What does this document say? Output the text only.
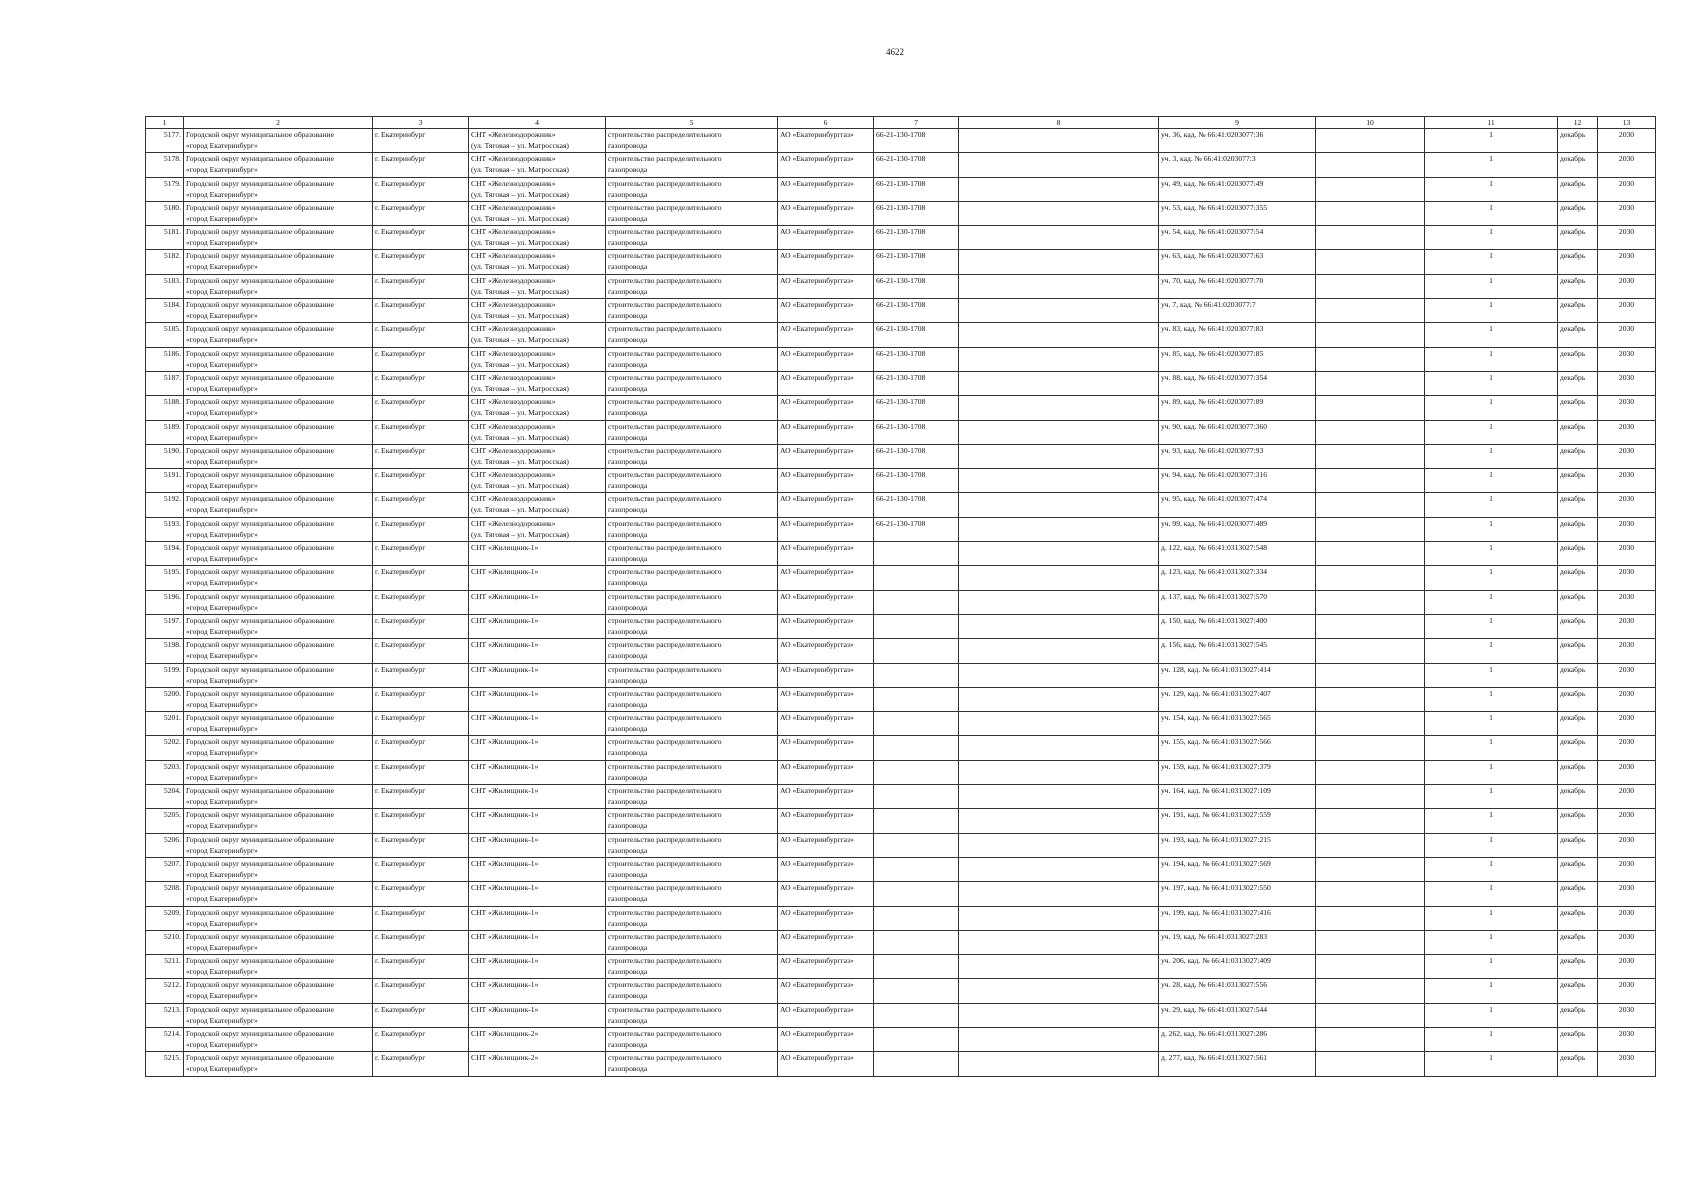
4622
1	2	3	4	5	6	7	8	9	10	11	12	13
5177.	Городской округ муниципальное образование
«город Екатеринбург»	г. Екатеринбург	СНТ «Железнодорожник»
(ул. Тяговая – ул. Матросская)	строительство распределительного
газопровода	АО «Екатеринбурггаз»	66-21-130-1708		уч. 36, кад. № 66:41:0203077:36		1	декабрь	2030
5178.	Городской округ муниципальное образование
«город Екатеринбург»	г. Екатеринбург	СНТ «Железнодорожник»
(ул. Тяговая – ул. Матросская)	строительство распределительного
газопровода	АО «Екатеринбурггаз»	66-21-130-1708		уч. 3, кад. № 66:41:0203077:3		1	декабрь	2030
5179.	Городской округ муниципальное образование
«город Екатеринбург»	г. Екатеринбург	СНТ «Железнодорожник»
(ул. Тяговая – ул. Матросская)	строительство распределительного
газопровода	АО «Екатеринбурггаз»	66-21-130-1708		уч. 49, кад. № 66:41:0203077:49		1	декабрь	2030
5180.	Городской округ муниципальное образование
«город Екатеринбург»	г. Екатеринбург	СНТ «Железнодорожник»
(ул. Тяговая – ул. Матросская)	строительство распределительного
газопровода	АО «Екатеринбурггаз»	66-21-130-1708		уч. 53, кад. № 66:41:0203077:355		1	декабрь	2030
5181.	Городской округ муниципальное образование
«город Екатеринбург»	г. Екатеринбург	СНТ «Железнодорожник»
(ул. Тяговая – ул. Матросская)	строительство распределительного
газопровода	АО «Екатеринбурггаз»	66-21-130-1708		уч. 54, кад. № 66:41:0203077:54		1	декабрь	2030
5182.	Городской округ муниципальное образование
«город Екатеринбург»	г. Екатеринбург	СНТ «Железнодорожник»
(ул. Тяговая – ул. Матросская)	строительство распределительного
газопровода	АО «Екатеринбурггаз»	66-21-130-1708		уч. 63, кад. № 66:41:0203077:63		1	декабрь	2030
5183.	Городской округ муниципальное образование
«город Екатеринбург»	г. Екатеринбург	СНТ «Железнодорожник»
(ул. Тяговая – ул. Матросская)	строительство распределительного
газопровода	АО «Екатеринбурггаз»	66-21-130-1708		уч. 70, кад. № 66:41:0203077:70		1	декабрь	2030
5184.	Городской округ муниципальное образование
«город Екатеринбург»	г. Екатеринбург	СНТ «Железнодорожник»
(ул. Тяговая – ул. Матросская)	строительство распределительного
газопровода	АО «Екатеринбурггаз»	66-21-130-1708		уч. 7, кад. № 66:41:0203077:7		1	декабрь	2030
5185.	Городской округ муниципальное образование
«город Екатеринбург»	г. Екатеринбург	СНТ «Железнодорожник»
(ул. Тяговая – ул. Матросская)	строительство распределительного
газопровода	АО «Екатеринбурггаз»	66-21-130-1708		уч. 83, кад. № 66:41:0203077:83		1	декабрь	2030
5186.	Городской округ муниципальное образование
«город Екатеринбург»	г. Екатеринбург	СНТ «Железнодорожник»
(ул. Тяговая – ул. Матросская)	строительство распределительного
газопровода	АО «Екатеринбурггаз»	66-21-130-1708		уч. 85, кад. № 66:41:0203077:85		1	декабрь	2030
5187.	Городской округ муниципальное образование
«город Екатеринбург»	г. Екатеринбург	СНТ «Железнодорожник»
(ул. Тяговая – ул. Матросская)	строительство распределительного
газопровода	АО «Екатеринбурггаз»	66-21-130-1708		уч. 88, кад. № 66:41:0203077:354		1	декабрь	2030
5188.	Городской округ муниципальное образование
«город Екатеринбург»	г. Екатеринбург	СНТ «Железнодорожник»
(ул. Тяговая – ул. Матросская)	строительство распределительного
газопровода	АО «Екатеринбурггаз»	66-21-130-1708		уч. 89, кад. № 66:41:0203077:89		1	декабрь	2030
5189.	Городской округ муниципальное образование
«город Екатеринбург»	г. Екатеринбург	СНТ «Железнодорожник»
(ул. Тяговая – ул. Матросская)	строительство распределительного
газопровода	АО «Екатеринбурггаз»	66-21-130-1708		уч. 90, кад. № 66:41:0203077:360		1	декабрь	2030
5190.	Городской округ муниципальное образование
«город Екатеринбург»	г. Екатеринбург	СНТ «Железнодорожник»
(ул. Тяговая – ул. Матросская)	строительство распределительного
газопровода	АО «Екатеринбурггаз»	66-21-130-1708		уч. 93, кад. № 66:41:0203077:93		1	декабрь	2030
5191.	Городской округ муниципальное образование
«город Екатеринбург»	г. Екатеринбург	СНТ «Железнодорожник»
(ул. Тяговая – ул. Матросская)	строительство распределительного
газопровода	АО «Екатеринбурггаз»	66-21-130-1708		уч. 94, кад. № 66:41:0203077:316		1	декабрь	2030
5192.	Городской округ муниципальное образование
«город Екатеринбург»	г. Екатеринбург	СНТ «Железнодорожник»
(ул. Тяговая – ул. Матросская)	строительство распределительного
газопровода	АО «Екатеринбурггаз»	66-21-130-1708		уч. 95, кад. № 66:41:0203077:474		1	декабрь	2030
5193.	Городской округ муниципальное образование
«город Екатеринбург»	г. Екатеринбург	СНТ «Железнодорожник»
(ул. Тяговая – ул. Матросская)	строительство распределительного
газопровода	АО «Екатеринбурггаз»	66-21-130-1708		уч. 99, кад. № 66:41:0203077:489		1	декабрь	2030
5194.	Городской округ муниципальное образование
«город Екатеринбург»	г. Екатеринбург	СНТ «Жилищник-1»	строительство распределительного
газопровода	АО «Екатеринбурггаз»			д. 122, кад. № 66:41:0313027:548		1	декабрь	2030
5195.	Городской округ муниципальное образование
«город Екатеринбург»	г. Екатеринбург	СНТ «Жилищник-1»	строительство распределительного
газопровода	АО «Екатеринбурггаз»			д. 123, кад. № 66:41:0313027:334		1	декабрь	2030
5196.	Городской округ муниципальное образование
«город Екатеринбург»	г. Екатеринбург	СНТ «Жилищник-1»	строительство распределительного
газопровода	АО «Екатеринбурггаз»			д. 137, кад. № 66:41:0313027:570		1	декабрь	2030
5197.	Городской округ муниципальное образование
«город Екатеринбург»	г. Екатеринбург	СНТ «Жилищник-1»	строительство распределительного
газопровода	АО «Екатеринбурггаз»			д. 150, кад. № 66:41:0313027:400		1	декабрь	2030
5198.	Городской округ муниципальное образование
«город Екатеринбург»	г. Екатеринбург	СНТ «Жилищник-1»	строительство распределительного
газопровода	АО «Екатеринбурггаз»			д. 156, кад. № 66:41:0313027:545		1	декабрь	2030
5199.	Городской округ муниципальное образование
«город Екатеринбург»	г. Екатеринбург	СНТ «Жилищник-1»	строительство распределительного
газопровода	АО «Екатеринбурггаз»			уч. 128, кад. № 66:41:0313027:414		1	декабрь	2030
5200.	Городской округ муниципальное образование
«город Екатеринбург»	г. Екатеринбург	СНТ «Жилищник-1»	строительство распределительного
газопровода	АО «Екатеринбурггаз»			уч. 129, кад. № 66:41:0313027:407		1	декабрь	2030
5201.	Городской округ муниципальное образование
«город Екатеринбург»	г. Екатеринбург	СНТ «Жилищник-1»	строительство распределительного
газопровода	АО «Екатеринбурггаз»			уч. 154, кад. № 66:41:0313027:565		1	декабрь	2030
5202.	Городской округ муниципальное образование
«город Екатеринбург»	г. Екатеринбург	СНТ «Жилищник-1»	строительство распределительного
газопровода	АО «Екатеринбурггаз»			уч. 155, кад. № 66:41:0313027:566		1	декабрь	2030
5203.	Городской округ муниципальное образование
«город Екатеринбург»	г. Екатеринбург	СНТ «Жилищник-1»	строительство распределительного
газопровода	АО «Екатеринбурггаз»			уч. 159, кад. № 66:41:0313027:379		1	декабрь	2030
5204.	Городской округ муниципальное образование
«город Екатеринбург»	г. Екатеринбург	СНТ «Жилищник-1»	строительство распределительного
газопровода	АО «Екатеринбурггаз»			уч. 164, кад. № 66:41:0313027:109		1	декабрь	2030
5205.	Городской округ муниципальное образование
«город Екатеринбург»	г. Екатеринбург	СНТ «Жилищник-1»	строительство распределительного
газопровода	АО «Екатеринбурггаз»			уч. 191, кад. № 66:41:0313027:559		1	декабрь	2030
5206.	Городской округ муниципальное образование
«город Екатеринбург»	г. Екатеринбург	СНТ «Жилищник-1»	строительство распределительного
газопровода	АО «Екатеринбурггаз»			уч. 193, кад. № 66:41:0313027:215		1	декабрь	2030
5207.	Городской округ муниципальное образование
«город Екатеринбург»	г. Екатеринбург	СНТ «Жилищник-1»	строительство распределительного
газопровода	АО «Екатеринбурггаз»			уч. 194, кад. № 66:41:0313027:569		1	декабрь	2030
5208.	Городской округ муниципальное образование
«город Екатеринбург»	г. Екатеринбург	СНТ «Жилищник-1»	строительство распределительного
газопровода	АО «Екатеринбурггаз»			уч. 197, кад. № 66:41:0313027:550		1	декабрь	2030
5209.	Городской округ муниципальное образование
«город Екатеринбург»	г. Екатеринбург	СНТ «Жилищник-1»	строительство распределительного
газопровода	АО «Екатеринбурггаз»			уч. 199, кад. № 66:41:0313027:416		1	декабрь	2030
5210.	Городской округ муниципальное образование
«город Екатеринбург»	г. Екатеринбург	СНТ «Жилищник-1»	строительство распределительного
газопровода	АО «Екатеринбурггаз»			уч. 19, кад. № 66:41:0313027:283		1	декабрь	2030
5211.	Городской округ муниципальное образование
«город Екатеринбург»	г. Екатеринбург	СНТ «Жилищник-1»	строительство распределительного
газопровода	АО «Екатеринбурггаз»			уч. 206, кад. № 66:41:0313027:409		1	декабрь	2030
5212.	Городской округ муниципальное образование
«город Екатеринбург»	г. Екатеринбург	СНТ «Жилищник-1»	строительство распределительного
газопровода	АО «Екатеринбурггаз»			уч. 28, кад. № 66:41:0313027:556		1	декабрь	2030
5213.	Городской округ муниципальное образование
«город Екатеринбург»	г. Екатеринбург	СНТ «Жилищник-1»	строительство распределительного
газопровода	АО «Екатеринбурггаз»			уч. 29, кад. № 66:41:0313027:544		1	декабрь	2030
5214.	Городской округ муниципальное образование
«город Екатеринбург»	г. Екатеринбург	СНТ «Жилищник-2»	строительство распределительного
газопровода	АО «Екатеринбурггаз»			д. 262, кад. № 66:41:0313027:286		1	декабрь	2030
5215.	Городской округ муниципальное образование
«город Екатеринбург»	г. Екатеринбург	СНТ «Жилищник-2»	строительство распределительного
газопровода	АО «Екатеринбурггаз»			д. 277, кад. № 66:41:0313027:561		1	декабрь	2030
